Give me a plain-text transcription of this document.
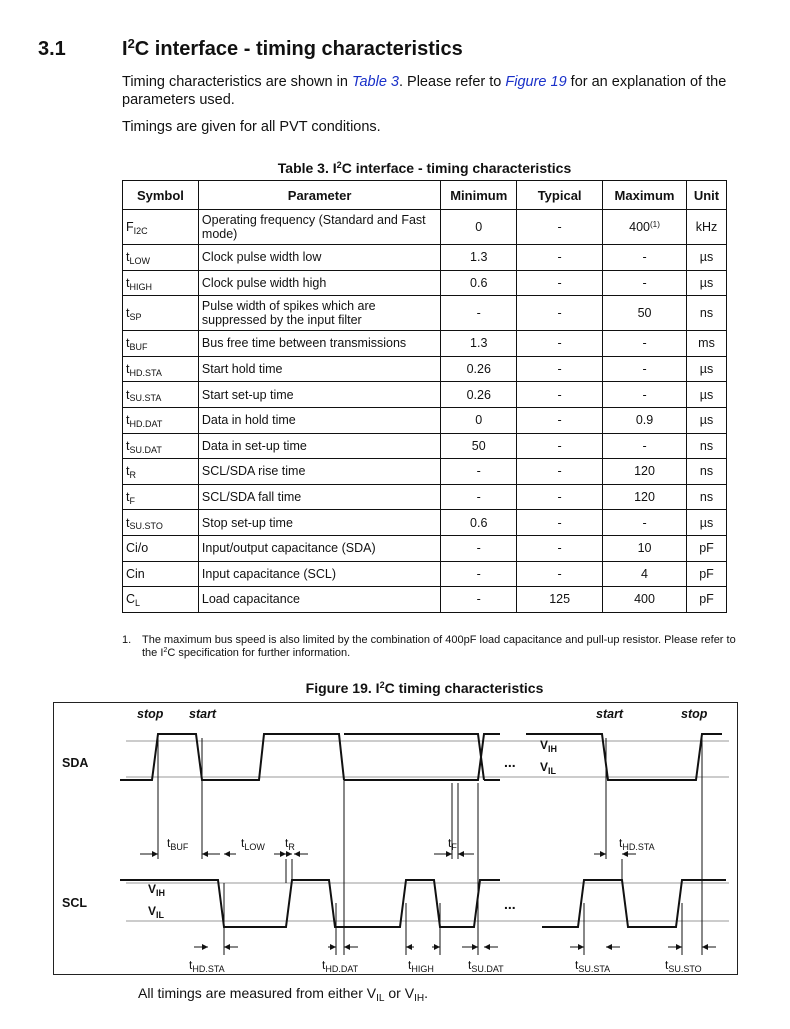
3.1	$I^2C$ interface - timing characteristics
Timing characteristics are shown in Table 3. Please refer to Figure 19 for an explanation of the parameters used.
Timings are given for all PVT conditions.
Table 3. $I^2C$ interface - timing characteristics
Symbol	Parameter	Minimum	Typical	Maximum	Unit
$F_{I2C}$	Operating frequency (Standard and Fast mode)	0	-	400$^{(1)}$	kHz
$t_{LOW}$	Clock pulse width low	1.3	-	-	µs
$t_{HIGH}$	Clock pulse width high	0.6	-	-	µs
$t_{SP}$	Pulse width of spikes which are suppressed by the input filter	-	-	50	ns
$t_{BUF}$	Bus free time between transmissions	1.3	-	-	ms
$t_{HD.STA}$	Start hold time	0.26	-	-	µs
$t_{SU.STA}$	Start set-up time	0.26	-	-	µs
$t_{HD.DAT}$	Data in hold time	0	-	0.9	µs
$t_{SU.DAT}$	Data in set-up time	50	-	-	ns
$t_R$	SCL/SDA rise time	-	-	120	ns
$t_F$	SCL/SDA fall time	-	-	120	ns
$t_{SU.STO}$	Stop set-up time	0.6	-	-	µs
Ci/o	Input/output capacitance (SDA)	-	-	10	pF
Cin	Input capacitance (SCL)	-	-	4	pF
$C_L$	Load capacitance	-	125	400	pF
1. The maximum bus speed is also limited by the combination of 400pF load capacitance and pull-up resistor. Please refer to the $I^2C$ specification for further information.
Figure 19. $I^2C$ timing characteristics
stop start	start	stop
SDA
SCL
...
...
$V_{IH}$
$V_{IL}$
$V_{IH}$
$V_{IL}$
$t_{BUF}$	$t_{LOW}$ $t_R$	$t_F$	$t_{HD.STA}$
$t_{HD.STA}$	$t_{HD.DAT}$	$t_{HIGH}$	$t_{SU.DAT}$	$t_{SU.STA}$	$t_{SU.STO}$
All timings are measured from either $V_{IL}$ or $V_{IH}$.
